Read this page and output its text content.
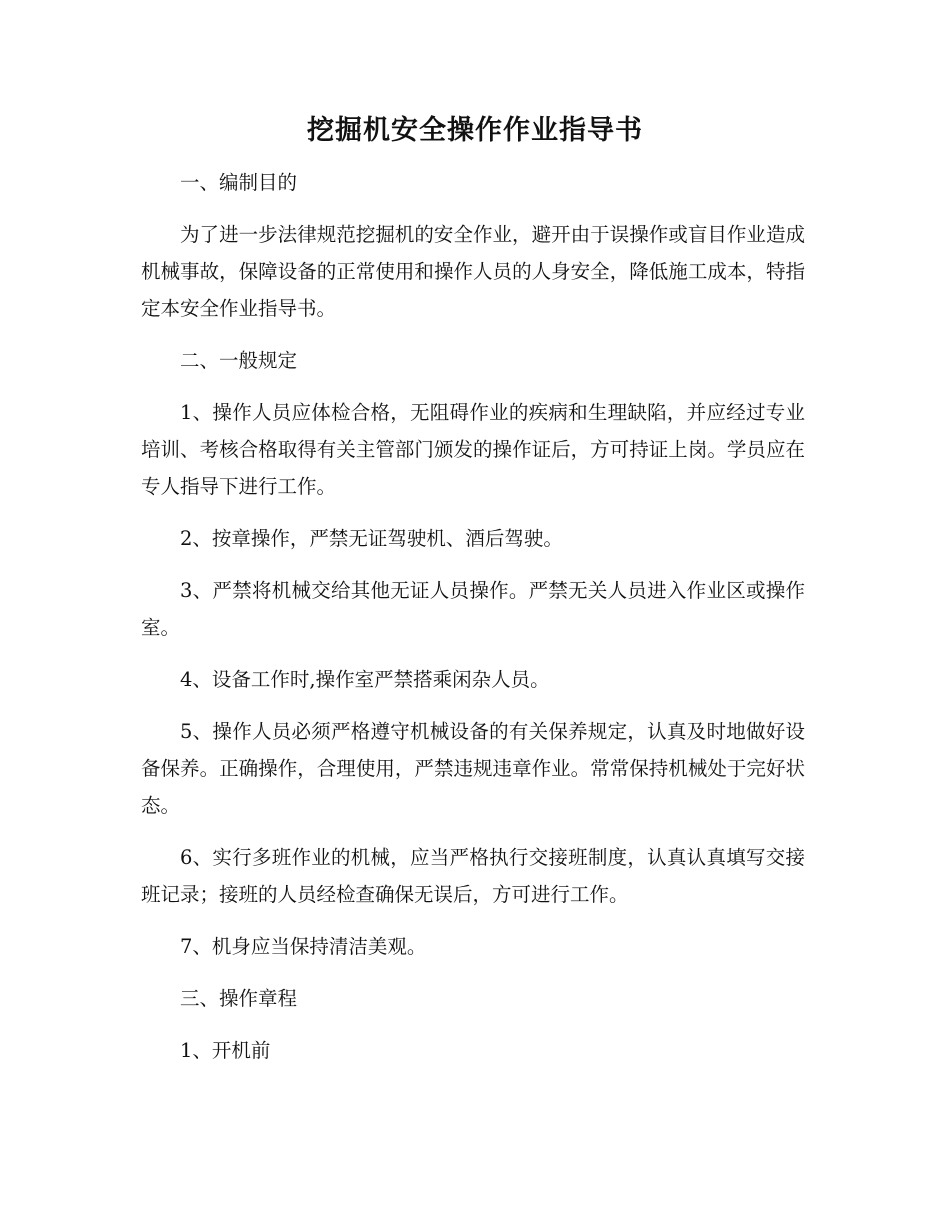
挖掘机安全操作作业指导书

一、编制目的

为了进一步法律规范挖掘机的安全作业，避开由于误操作或盲目作业造成机械事故，保障设备的正常使用和操作人员的人身安全，降低施工成本，特指定本安全作业指导书。

二、一般规定

1、操作人员应体检合格，无阻碍作业的疾病和生理缺陷，并应经过专业培训、考核合格取得有关主管部门颁发的操作证后，方可持证上岗。学员应在专人指导下进行工作。

2、按章操作，严禁无证驾驶机、酒后驾驶。

3、严禁将机械交给其他无证人员操作。严禁无关人员进入作业区或操作室。

4、设备工作时,操作室严禁搭乘闲杂人员。

5、操作人员必须严格遵守机械设备的有关保养规定，认真及时地做好设备保养。正确操作，合理使用，严禁违规违章作业。常常保持机械处于完好状态。

6、实行多班作业的机械，应当严格执行交接班制度，认真认真填写交接班记录；接班的人员经检查确保无误后，方可进行工作。

7、机身应当保持清洁美观。

三、操作章程

1、开机前
